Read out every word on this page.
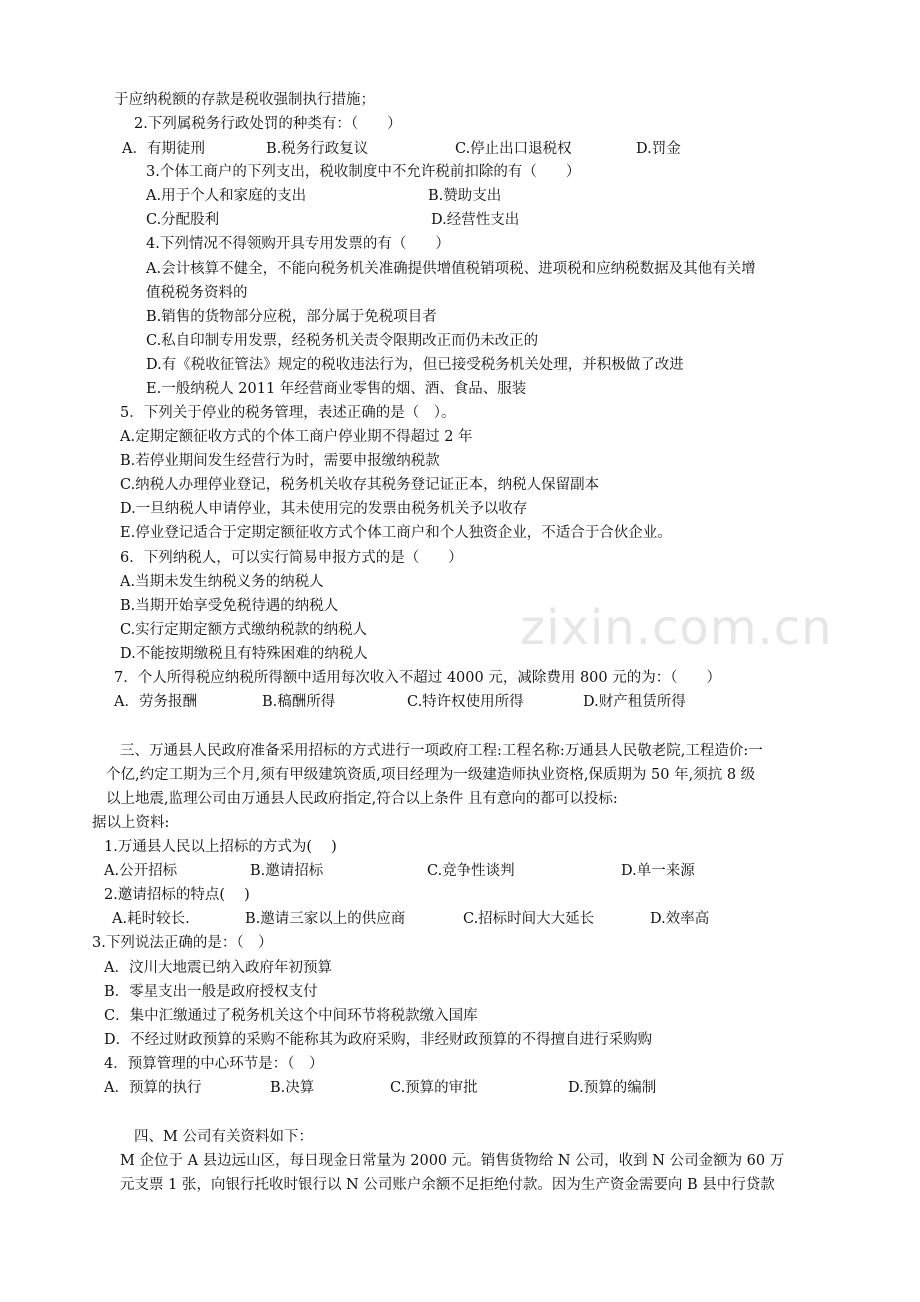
zixin.com.cn
于应纳税额的存款是税收强制执行措施；
2.下列属税务行政处罚的种类有：（　　）
A．有期徒刑	B.税务行政复议	C.停止出口退税权	D.罚金
3.个体工商户的下列支出，税收制度中不允许税前扣除的有（　　）
A.用于个人和家庭的支出	B.赞助支出
C.分配股利	D.经营性支出
4.下列情况不得领购开具专用发票的有（　　）
A.会计核算不健全，不能向税务机关准确提供增值税销项税、进项税和应纳税数据及其他有关增
值税税务资料的
B.销售的货物部分应税，部分属于免税项目者
C.私自印制专用发票，经税务机关责令限期改正而仍未改正的
D.有《税收征管法》规定的税收违法行为，但已接受税务机关处理，并积极做了改进
E.一般纳税人 2011 年经营商业零售的烟、酒、食品、服装
5．下列关于停业的税务管理，表述正确的是（　）。
A.定期定额征收方式的个体工商户停业期不得超过 2 年
B.若停业期间发生经营行为时，需要申报缴纳税款
C.纳税人办理停业登记，税务机关收存其税务登记证正本，纳税人保留副本
D.一旦纳税人申请停业，其未使用完的发票由税务机关予以收存
E.停业登记适合于定期定额征收方式个体工商户和个人独资企业，不适合于合伙企业。
6．下列纳税人，可以实行简易申报方式的是（　　）
A.当期未发生纳税义务的纳税人
B.当期开始享受免税待遇的纳税人
C.实行定期定额方式缴纳税款的纳税人
D.不能按期缴税且有特殊困难的纳税人
7．个人所得税应纳税所得额中适用每次收入不超过 4000 元，减除费用 800 元的为：（　　）
A．劳务报酬	B.稿酬所得	C.特许权使用所得	D.财产租赁所得
三、万通县人民政府准备采用招标的方式进行一项政府工程:工程名称:万通县人民敬老院,工程造价:一
个亿,约定工期为三个月,须有甲级建筑资质,项目经理为一级建造师执业资格,保质期为 50 年,须抗 8 级
以上地震,监理公司由万通县人民政府指定,符合以上条件 且有意向的都可以投标:
据以上资料:
1.万通县人民以上招标的方式为(　 )
A.公开招标	B.邀请招标	C.竞争性谈判	D.单一来源
2.邀请招标的特点(　 )
A.耗时较长.	B.邀请三家以上的供应商	C.招标时间大大延长	D.效率高
3.下列说法正确的是：（　）
A．汶川大地震已纳入政府年初预算
B．零星支出一般是政府授权支付
C．集中汇缴通过了税务机关这个中间环节将税款缴入国库
D．不经过财政预算的采购不能称其为政府采购，非经财政预算的不得擅自进行采购购
4．预算管理的中心环节是：（　）
A．预算的执行	B.决算	C.预算的审批	D.预算的编制
四、M 公司有关资料如下：
M 企位于 A 县边远山区，每日现金日常量为 2000 元。销售货物给 N 公司，收到 N 公司金额为 60 万
元支票 1 张，向银行托收时银行以 N 公司账户余额不足拒绝付款。因为生产资金需要向 B 县中行贷款
